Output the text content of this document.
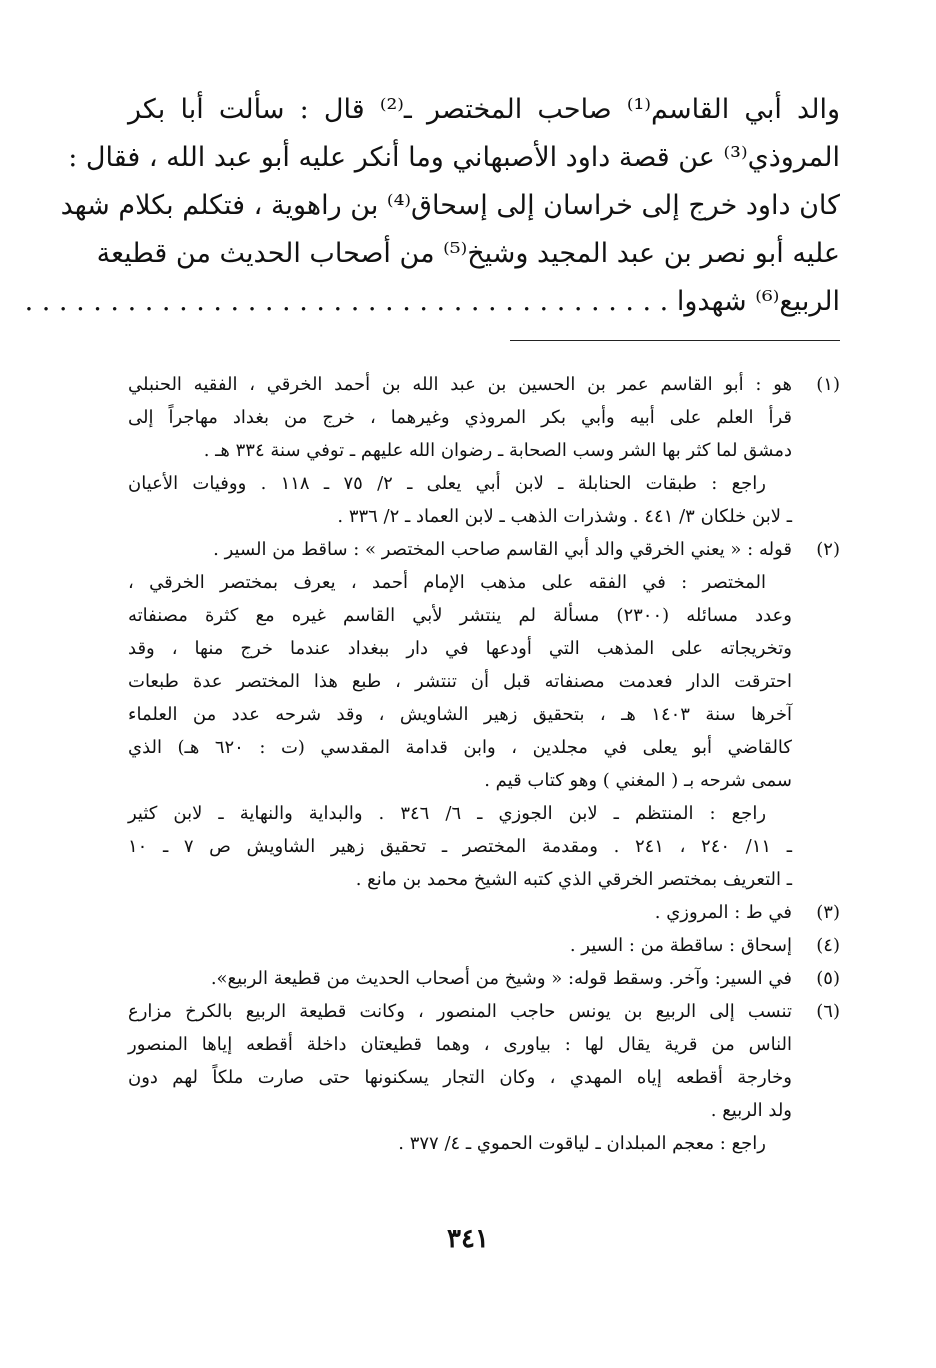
والد أبي القاسم⁽¹⁾ صاحب المختصر ـ⁽²⁾ قال : سألت أبا بكر
المروذي⁽³⁾ عن قصة داود الأصبهاني وما أنكر عليه أبو عبد الله ، فقال :
كان داود خرج إلى خراسان إلى إسحاق⁽⁴⁾ بن راهوية ، فتكلم بكلام شهد
عليه أبو نصر بن عبد المجيد وشيخ⁽⁵⁾ من أصحاب الحديث من قطيعة
الربيع⁽⁶⁾ شهدوا . . . . . . . . . . . . . . . . . . . . . . . . . . . . . . . . . . . . . .
(١)
هو : أبو القاسم عمر بن الحسين بن عبد الله بن أحمد الخرقي ، الفقيه الحنبلي
قرأ العلم على أبيه وأبي بكر المروذي وغيرهما ، خرج من بغداد مهاجراً إلى
دمشق لما كثر بها الشر وسب الصحابة ـ رضوان الله عليهم ـ توفي سنة ٣٣٤ هـ .
راجع : طبقات الحنابلة ـ لابن أبي يعلى ـ ٢/ ٧٥ ـ ١١٨ . ووفيات الأعيان
ـ لابن خلكان ٣/ ٤٤١ . وشذرات الذهب ـ لابن العماد ـ ٢/ ٣٣٦ .
(٢)
قوله : « يعني الخرقي والد أبي القاسم صاحب المختصر » : ساقط من السير .
المختصر : في الفقه على مذهب الإمام أحمد ، يعرف بمختصر الخرقي ،
وعدد مسائله (٢٣٠٠) مسألة لم ينتشر لأبي القاسم غيره مع كثرة مصنفاته
وتخريجاته على المذهب التي أودعها في دار ببغداد عندما خرج منها ، وقد
احترقت الدار فعدمت مصنفاته قبل أن تنتشر ، طبع هذا المختصر عدة طبعات
آخرها سنة ١٤٠٣ هـ ، بتحقيق زهير الشاويش ، وقد شرحه عدد من العلماء
كالقاضي أبو يعلى في مجلدين ، وابن قدامة المقدسي (ت : ٦٢٠ هـ) الذي
سمى شرحه بـ ( المغني ) وهو كتاب قيم .
راجع : المنتظم ـ لابن الجوزي ـ ٦/ ٣٤٦ . والبداية والنهاية ـ لابن كثير
ـ ١١/ ٢٤٠ ، ٢٤١ . ومقدمة المختصر ـ تحقيق زهير الشاويش ص ٧ ـ ١٠
ـ التعريف بمختصر الخرقي الذي كتبه الشيخ محمد بن مانع .
(٣)
في ط : المروزي .
(٤)
إسحاق : ساقطة من : السير .
(٥)
في السير: وآخر. وسقط قوله: « وشيخ من أصحاب الحديث من قطيعة الربيع».
(٦)
تنسب إلى الربيع بن يونس حاجب المنصور ، وكانت قطيعة الربيع بالكرخ مزارع
الناس من قرية يقال لها : بياورى ، وهما قطيعتان داخلة أقطعه إياها المنصور
وخارجة أقطعه إياه المهدي ، وكان التجار يسكنونها حتى صارت ملكاً لهم دون
ولد الربيع .
راجع : معجم المبلدان ـ لياقوت الحموي ـ ٤/ ٣٧٧ .
٣٤١
